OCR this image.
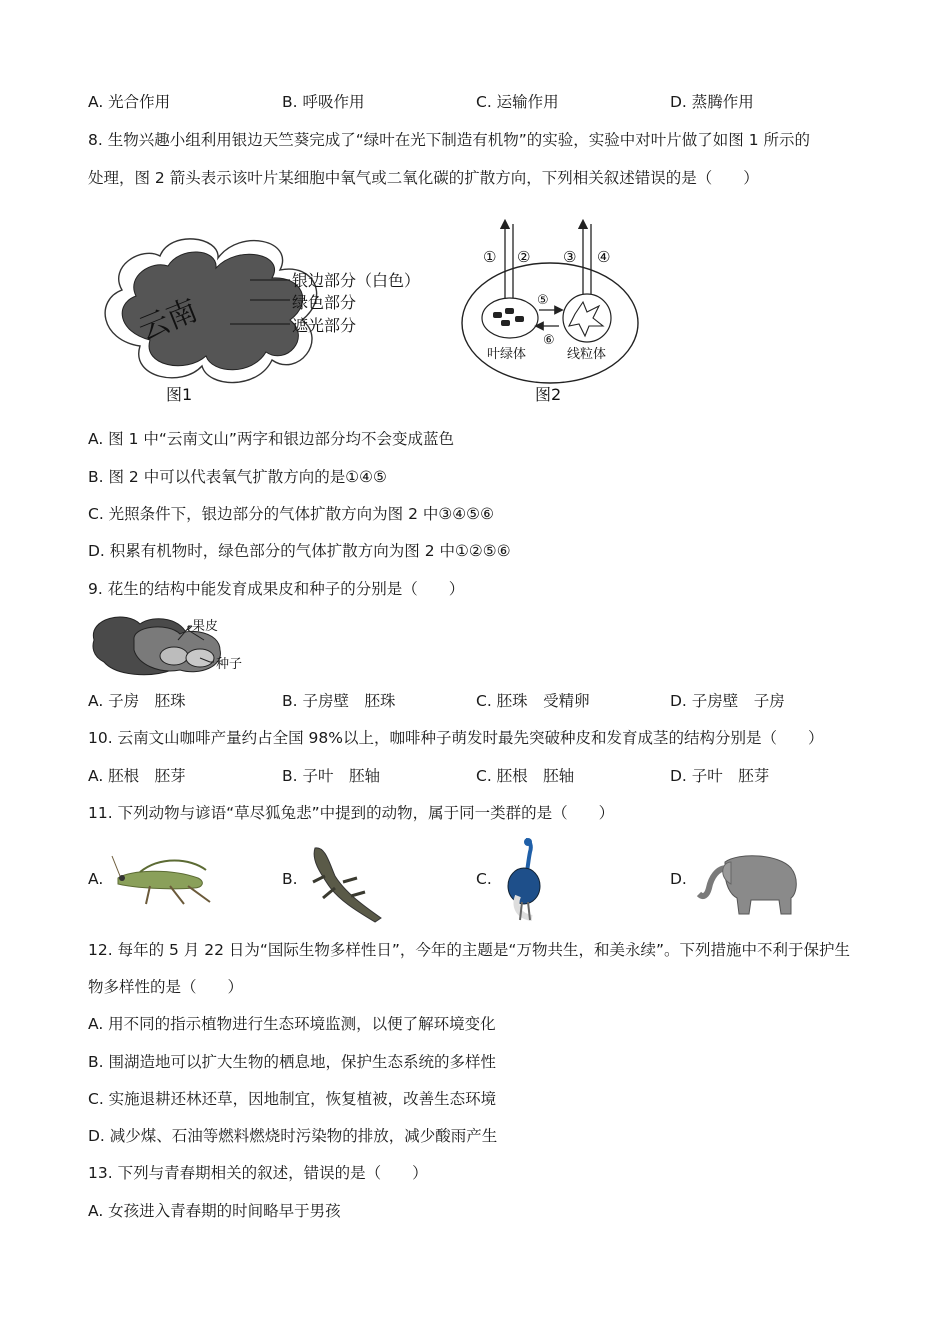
A. 光合作用	B. 呼吸作用	C. 运输作用	D. 蒸腾作用
8. 生物兴趣小组利用银边天竺葵完成了“绿叶在光下制造有机物”的实验，实验中对叶片做了如图 1 所示的
处理，图 2 箭头表示该叶片某细胞中氧气或二氧化碳的扩散方向，下列相关叙述错误的是（　　）
云南
银边部分（白色）
绿色部分
遮光部分
图1
① ② ③ ④
⑤
⑥
叶绿体	线粒体
图2
A. 图 1 中“云南文山”两字和银边部分均不会变成蓝色
B. 图 2 中可以代表氧气扩散方向的是①④⑤
C. 光照条件下，银边部分的气体扩散方向为图 2 中③④⑤⑥
D. 积累有机物时，绿色部分的气体扩散方向为图 2 中①②⑤⑥
9. 花生的结构中能发育成果皮和种子的分别是（　　）
果皮
种子
A. 子房　胚珠	B. 子房壁　胚珠	C. 胚珠　受精卵	D. 子房壁　子房
10. 云南文山咖啡产量约占全国 98%以上，咖啡种子萌发时最先突破种皮和发育成茎的结构分别是（　　）
A. 胚根　胚芽	B. 子叶　胚轴	C. 胚根　胚轴	D. 子叶　胚芽
11. 下列动物与谚语“草尽狐兔悲”中提到的动物，属于同一类群的是（　　）
A.	B.	C.	D.
12. 每年的 5 月 22 日为“国际生物多样性日”，今年的主题是“万物共生，和美永续”。下列措施中不利于保护生
物多样性的是（　　）
A. 用不同的指示植物进行生态环境监测，以便了解环境变化
B. 围湖造地可以扩大生物的栖息地，保护生态系统的多样性
C. 实施退耕还林还草，因地制宜，恢复植被，改善生态环境
D. 减少煤、石油等燃料燃烧时污染物的排放，减少酸雨产生
13. 下列与青春期相关的叙述，错误的是（　　）
A. 女孩进入青春期的时间略早于男孩
